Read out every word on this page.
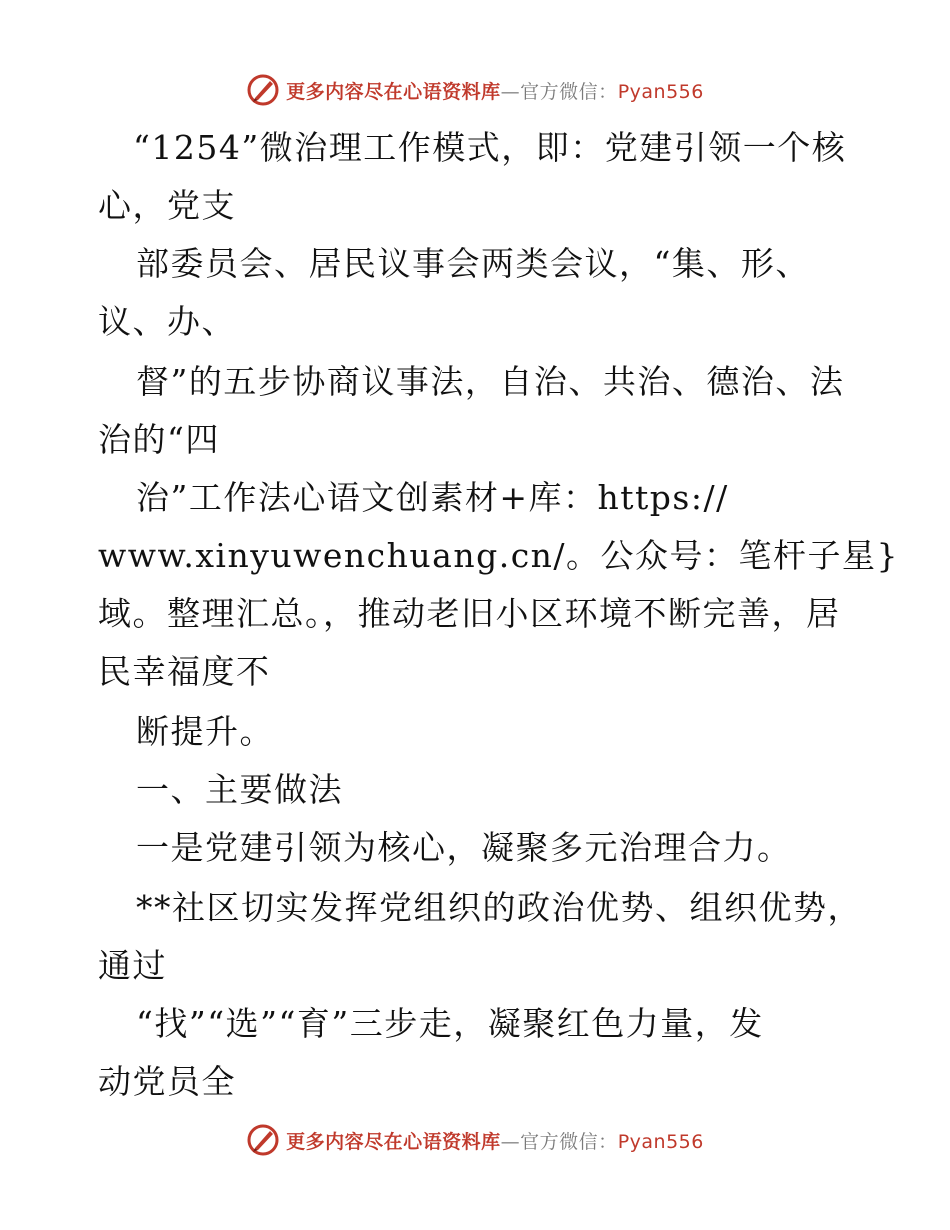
更多内容尽在心语资料库—官方微信：Pyan556
“1254”微治理工作模式，即：党建引领一个核
心，党支
部委员会、居民议事会两类会议，“集、形、
议、办、
督”的五步协商议事法，自治、共治、德治、法
治的“四
治”工作法心语文创素材+库：https://
www.xinyuwenchuang.cn/。公众号：笔杆子星}
域。整理汇总。，推动老旧小区环境不断完善，居
民幸福度不
断提升。
一、主要做法
一是党建引领为核心，凝聚多元治理合力。
**社区切实发挥党组织的政治优势、组织优势，
通过
“找”“选”“育”三步走，凝聚红色力量，发
动党员全
更多内容尽在心语资料库—官方微信：Pyan556
